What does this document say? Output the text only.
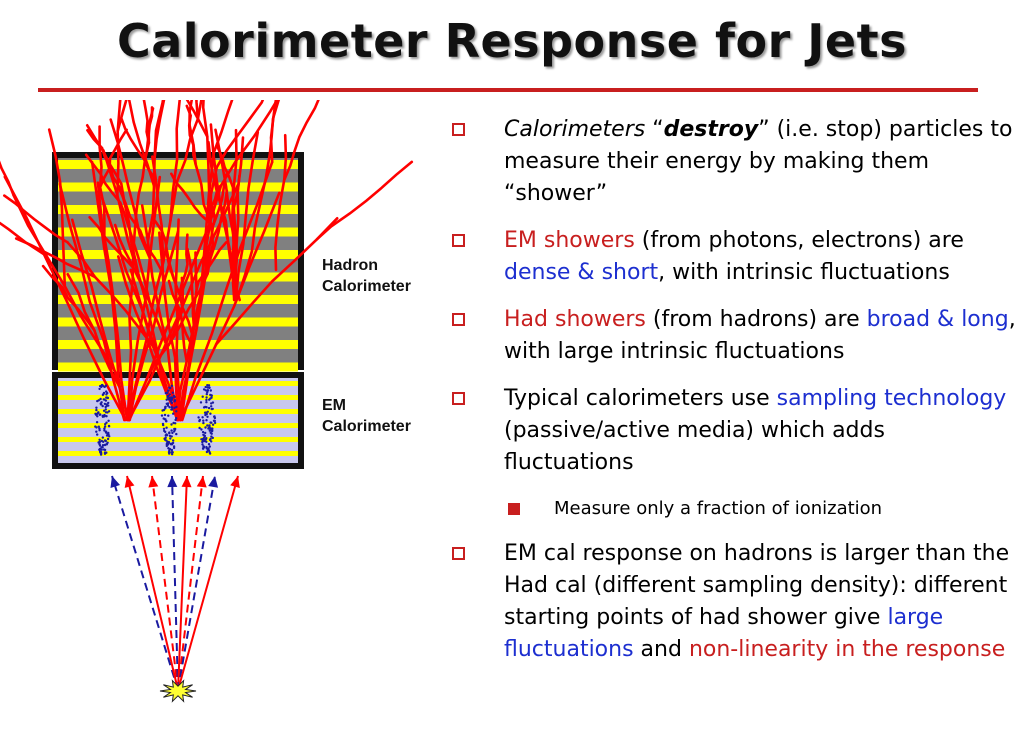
Calorimeter Response for Jets
Hadron
Calorimeter
EM
Calorimeter
Calorimeters “destroy” (i.e. stop) particles to measure their energy by making them “shower”
EM showers (from photons, electrons) are dense & short, with intrinsic fluctuations
Had showers (from hadrons) are broad & long, with large intrinsic fluctuations
Typical calorimeters use sampling technology (passive/active media) which adds fluctuations
Measure only a fraction of ionization
EM cal response on hadrons is larger than the Had cal (different sampling density): different starting points of had shower give large fluctuations and non-linearity in the response
